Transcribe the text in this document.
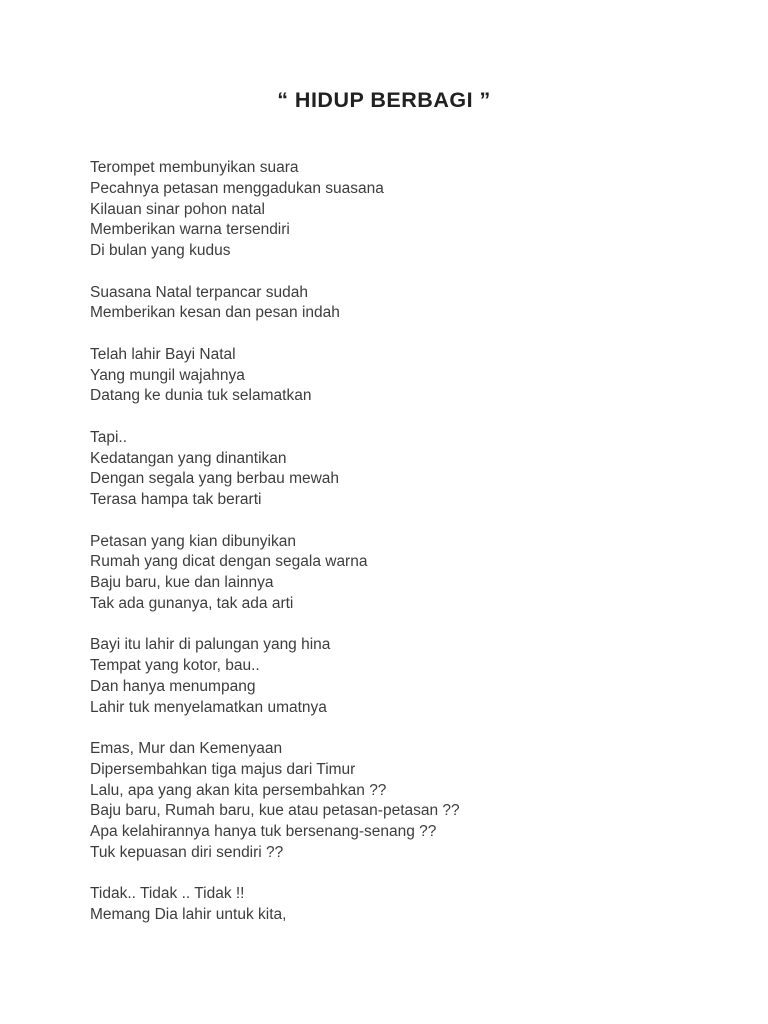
“ HIDUP BERBAGI ”

Terompet membunyikan suara

Pecahnya petasan menggadukan suasana

Kilauan sinar pohon natal

Memberikan warna tersendiri

Di bulan yang kudus

Suasana Natal terpancar sudah

Memberikan kesan dan pesan indah

Telah lahir Bayi Natal

Yang mungil wajahnya

Datang ke dunia tuk selamatkan

Tapi..

Kedatangan yang dinantikan

Dengan segala yang berbau mewah

Terasa hampa tak berarti

Petasan yang kian dibunyikan

Rumah yang dicat dengan segala warna

Baju baru, kue dan lainnya

Tak ada gunanya, tak ada arti

Bayi itu lahir di palungan yang hina

Tempat yang kotor, bau..

Dan hanya menumpang

Lahir tuk menyelamatkan umatnya

Emas, Mur dan Kemenyaan

Dipersembahkan tiga majus dari Timur

Lalu, apa yang akan kita persembahkan ??

Baju baru, Rumah baru, kue atau petasan-petasan ??

Apa kelahirannya hanya tuk bersenang-senang ??

Tuk kepuasan diri sendiri ??

Tidak.. Tidak .. Tidak !!

Memang Dia lahir untuk kita,
